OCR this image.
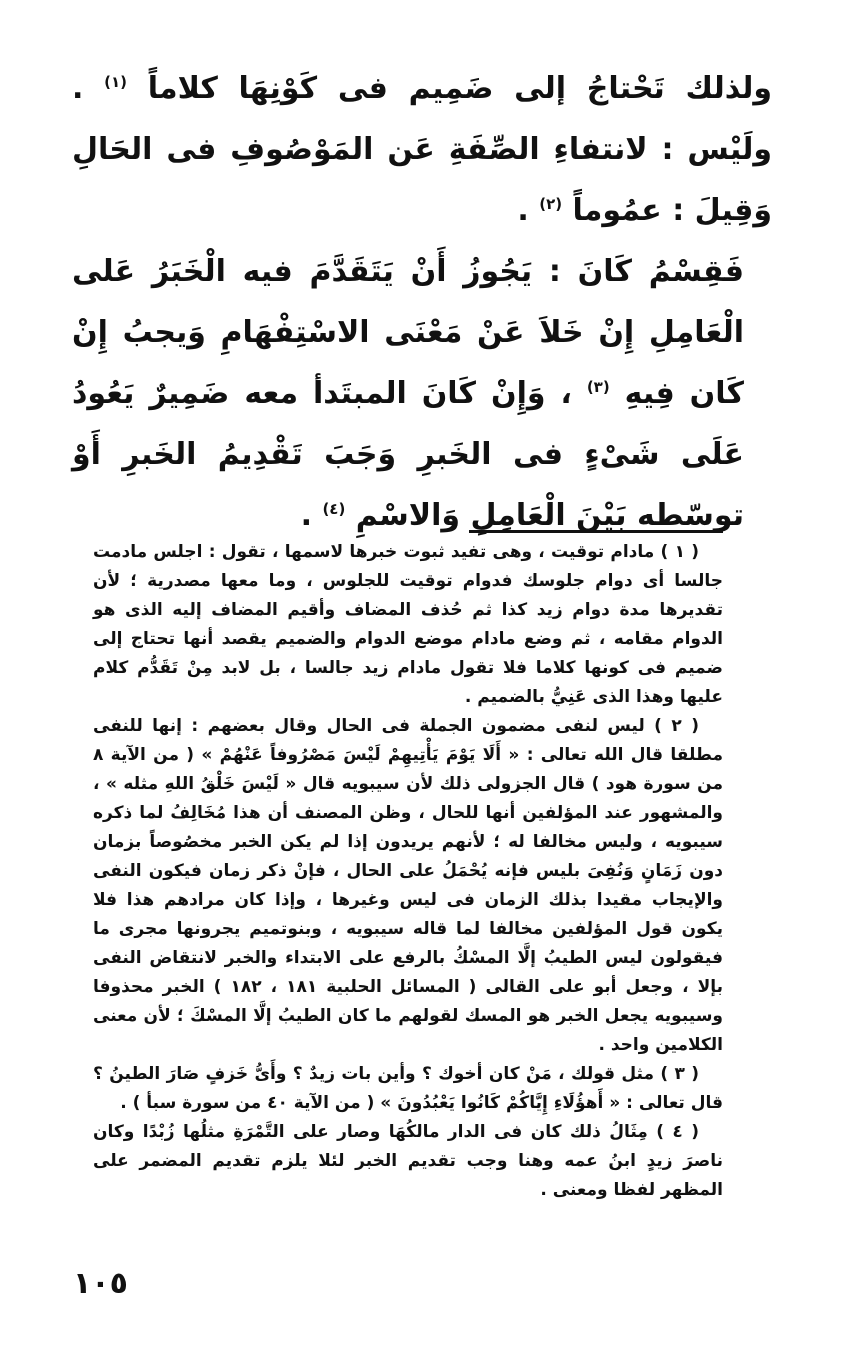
ولذلك تَحْتاجُ إلى ضَمِيم فى كَوْنِهَا كلاماً $^{(١)}$ . ولَيْس : لانتفاءِ الصِّفَةِ عَن المَوْصُوفِ فى الحَالِ وَقِيلَ : عمُوماً $^{(٢)}$ .

فَقِسْمُ كَانَ : يَجُوزُ أَنْ يَتَقَدَّمَ فيه الْخَبَرُ عَلى الْعَامِلِ إِنْ خَلاَ عَنْ مَعْنَى الاسْتِفْهَامِ وَيجبُ إِنْ كَان فِيهِ $^{(٣)}$ ، وَإِنْ كَانَ المبتَدأ معه ضَمِيرٌ يَعُودُ عَلَى شَىْءٍ فى الخَبرِ وَجَبَ تَقْدِيمُ الخَبرِ أَوْ توسّطه بَيْنَ الْعَامِلِ وَالاسْمِ $^{(٤)}$ .

( ١ ) مادام توقيت ، وهى تفيد ثبوت خبرها لاسمها ، تقول : اجلس مادمت جالسا أى دوام جلوسك فدوام توقيت للجلوس ، وما معها مصدرية ؛ لأن تقديرها مدة دوام زيد كذا ثم حُذف المضاف وأقيم المضاف إليه الذى هو الدوام مقامه ، ثم وضع مادام موضع الدوام والضميم يقصد أنها تحتاج إلى ضميم فى كونها كلاما فلا تقول مادام زيد جالسا ، بل لابد مِنْ تَقَدُّم كلام عليها وهذا الذى عَنِيُّ بالضميم .

( ٢ ) ليس لنفى مضمون الجملة فى الحال وقال بعضهم : إنها للنفى مطلقا قال الله تعالى : « أَلَا يَوْمَ يَأْتِيهِمْ لَيْسَ مَصْرُوفاً عَنْهُمْ » ( من الآية ٨ من سورة هود ) قال الجزولى ذلك لأن سيبويه قال « لَيْسَ خَلْقُ اللهِ مثله » ، والمشهور عند المؤلفين أنها للحال ، وظن المصنف أن هذا مُخَالِفُ لما ذكره سيبويه ، وليس مخالفا له ؛ لأنهم يريدون إذا لم يكن الخبر مخصُوصاً بزمان دون زَمَانٍ وَنُفِىَ بليس فإنه يُحْمَلُ على الحال ، فإنْ ذكر زمان فيكون النفى والإيجاب مقيدا بذلك الزمان فى ليس وغيرها ، وإذا كان مرادهم هذا فلا يكون قول المؤلفين مخالفا لما قاله سيبويه ، وبنوتميم يجرونها مجرى ما فيقولون ليس الطيبُ إلَّا المسْكُ بالرفع على الابتداء والخبر لانتقاض النفى بإلا ، وجعل أبو على القالى ( المسائل الحلبية ١٨١ ، ١٨٢ ) الخبر محذوفا وسيبويه يجعل الخبر هو المسك لقولهم ما كان الطيبُ إلَّا المسْكَ ؛ لأن معنى الكلامين واحد .

( ٣ ) مثل قولك ، مَنْ كان أخوك ؟ وأين بات زيدٌ ؟ وأَىُّ خَزفٍ صَارَ الطينُ ؟ قال تعالى : « أَهؤُلَاءِ إِيَّاكُمْ كَانُوا يَعْبُدُونَ » ( من الآية ٤٠ من سورة سبأ ) .

( ٤ ) مِثَالُ ذلك كان فى الدار مالكُهَا وصار على التَّمْرَةِ مثلُها زُبْدًا وكان ناصرَ زيدٍ ابنُ عمه وهنا وجب تقديم الخبر لئلا يلزم تقديم المضمر على المظهر لفظا ومعنى .

١٠٥
